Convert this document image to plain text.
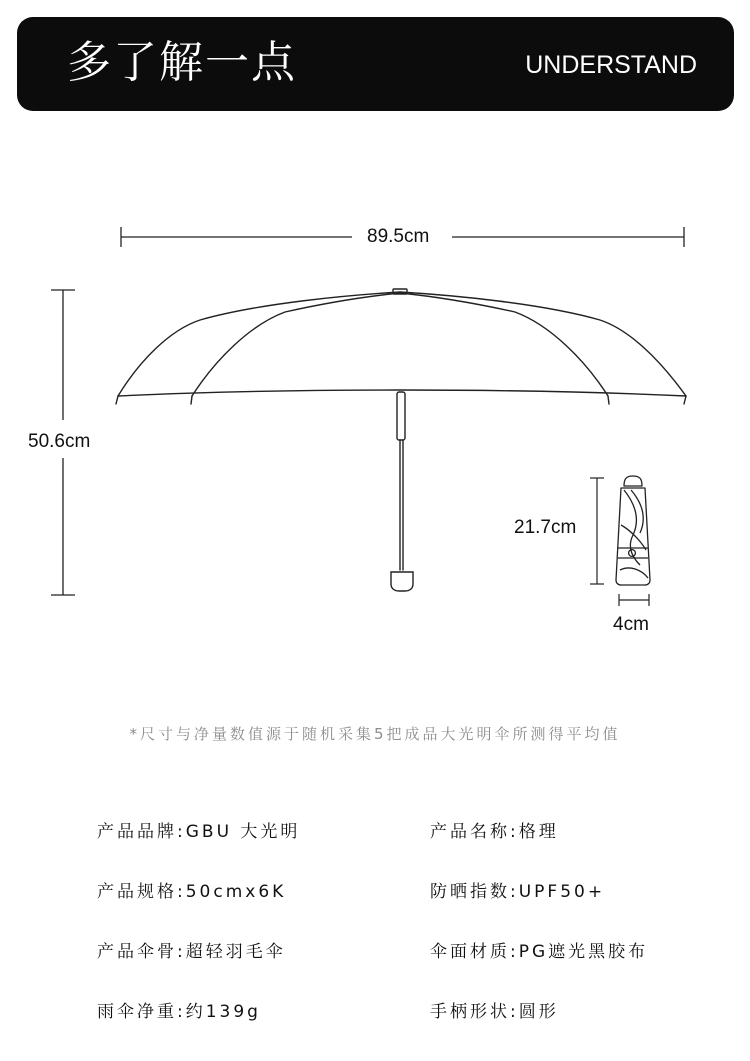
多了解一点	UNDERSTAND
89.5cm
50.6cm
21.7cm
4cm
*尺寸与净量数值源于随机采集5把成品大光明伞所测得平均值
产品品牌:GBU 大光明	产品名称:格理
产品规格:50cmx6K	防晒指数:UPF50+
产品伞骨:超轻羽毛伞	伞面材质:PG遮光黑胶布
雨伞净重:约139g	手柄形状:圆形
